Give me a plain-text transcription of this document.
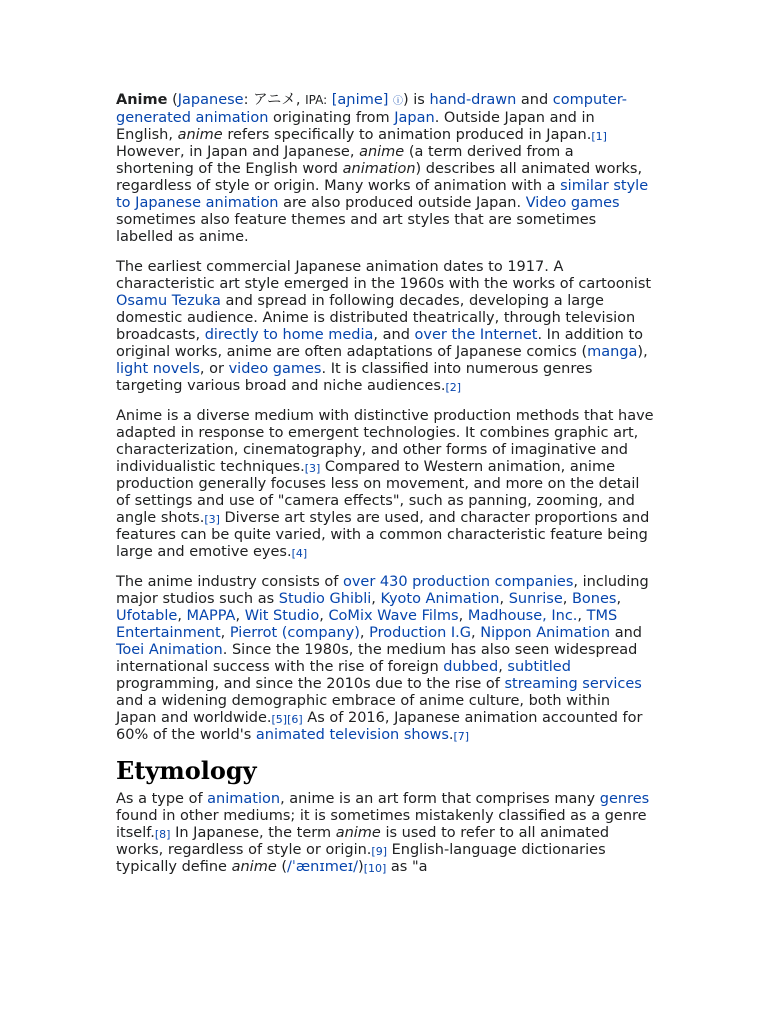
Anime (Japanese: アニメ, IPA: [aɲime] ⓘ) is hand-drawn and computer-generated animation originating from Japan. Outside Japan and in English, anime refers specifically to animation produced in Japan.[1] However, in Japan and Japanese, anime (a term derived from a shortening of the English word animation) describes all animated works, regardless of style or origin. Many works of animation with a similar style to Japanese animation are also produced outside Japan. Video games sometimes also feature themes and art styles that are sometimes labelled as anime.

The earliest commercial Japanese animation dates to 1917. A characteristic art style emerged in the 1960s with the works of cartoonist Osamu Tezuka and spread in following decades, developing a large domestic audience. Anime is distributed theatrically, through television broadcasts, directly to home media, and over the Internet. In addition to original works, anime are often adaptations of Japanese comics (manga), light novels, or video games. It is classified into numerous genres targeting various broad and niche audiences.[2]

Anime is a diverse medium with distinctive production methods that have adapted in response to emergent technologies. It combines graphic art, characterization, cinematography, and other forms of imaginative and individualistic techniques.[3] Compared to Western animation, anime production generally focuses less on movement, and more on the detail of settings and use of "camera effects", such as panning, zooming, and angle shots.[3] Diverse art styles are used, and character proportions and features can be quite varied, with a common characteristic feature being large and emotive eyes.[4]

The anime industry consists of over 430 production companies, including major studios such as Studio Ghibli, Kyoto Animation, Sunrise, Bones, Ufotable, MAPPA, Wit Studio, CoMix Wave Films, Madhouse, Inc., TMS Entertainment, Pierrot (company), Production I.G, Nippon Animation and Toei Animation. Since the 1980s, the medium has also seen widespread international success with the rise of foreign dubbed, subtitled programming, and since the 2010s due to the rise of streaming services and a widening demographic embrace of anime culture, both within Japan and worldwide.[5][6] As of 2016, Japanese animation accounted for 60% of the world's animated television shows.[7]

Etymology

As a type of animation, anime is an art form that comprises many genres found in other mediums; it is sometimes mistakenly classified as a genre itself.[8] In Japanese, the term anime is used to refer to all animated works, regardless of style or origin.[9] English-language dictionaries typically define anime (/ˈænɪmeɪ/)[10] as "a
